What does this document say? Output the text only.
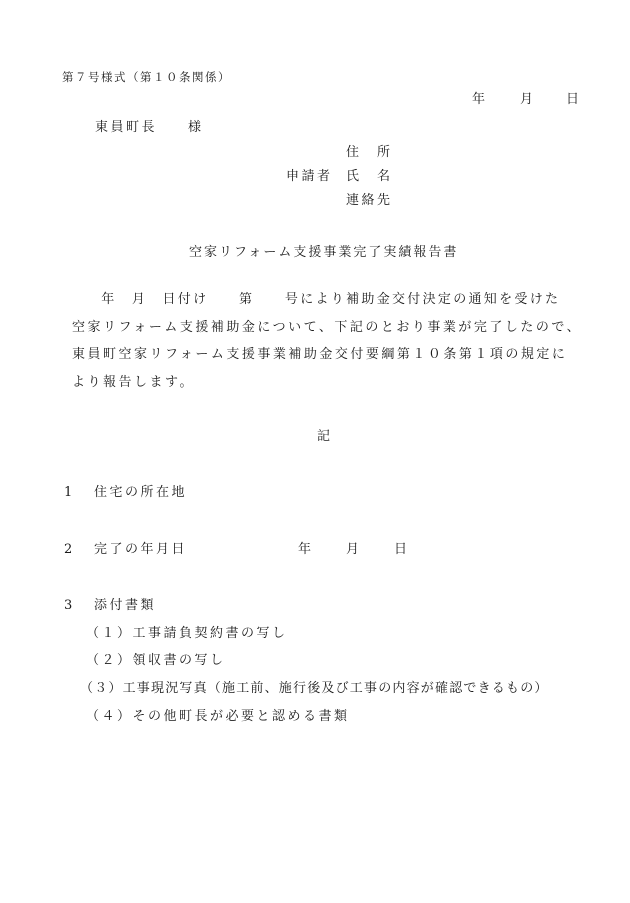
第７号様式（第１０条関係）
年 月 日
東員町長 様
住　所
申請者 氏　名
連絡先
空家リフォーム支援事業完了実績報告書
　年　月　日付け　　第　　号により補助金交付決定の通知を受けた
空家リフォーム支援補助金について、下記のとおり事業が完了したので、
東員町空家リフォーム支援事業補助金交付要綱第１０条第１項の規定に
より報告します。
記
1 住宅の所在地
2 完了の年月日	年　　月　　日
3 添付書類
（１）工事請負契約書の写し
（２）領収書の写し
（３）工事現況写真（施工前、施行後及び工事の内容が確認できるもの）
（４）その他町長が必要と認める書類
